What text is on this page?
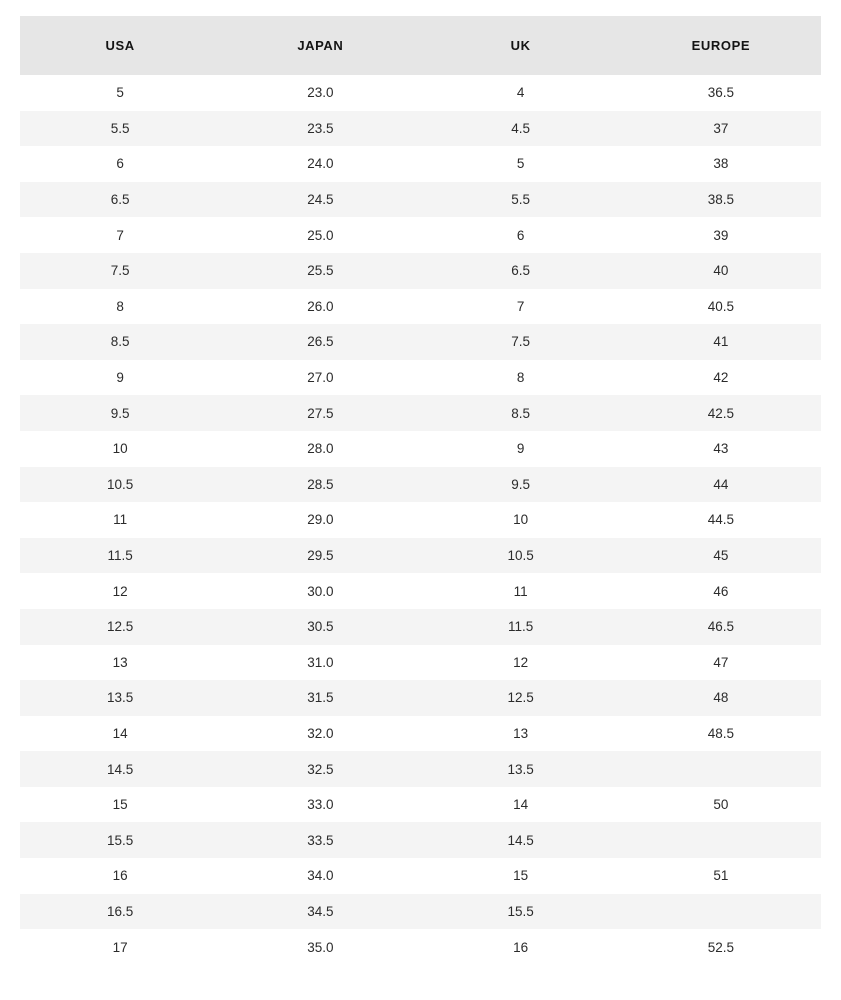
USA	JAPAN	UK	EUROPE
5	23.0	4	36.5
5.5	23.5	4.5	37
6	24.0	5	38
6.5	24.5	5.5	38.5
7	25.0	6	39
7.5	25.5	6.5	40
8	26.0	7	40.5
8.5	26.5	7.5	41
9	27.0	8	42
9.5	27.5	8.5	42.5
10	28.0	9	43
10.5	28.5	9.5	44
11	29.0	10	44.5
11.5	29.5	10.5	45
12	30.0	11	46
12.5	30.5	11.5	46.5
13	31.0	12	47
13.5	31.5	12.5	48
14	32.0	13	48.5
14.5	32.5	13.5	
15	33.0	14	50
15.5	33.5	14.5	
16	34.0	15	51
16.5	34.5	15.5	
17	35.0	16	52.5
